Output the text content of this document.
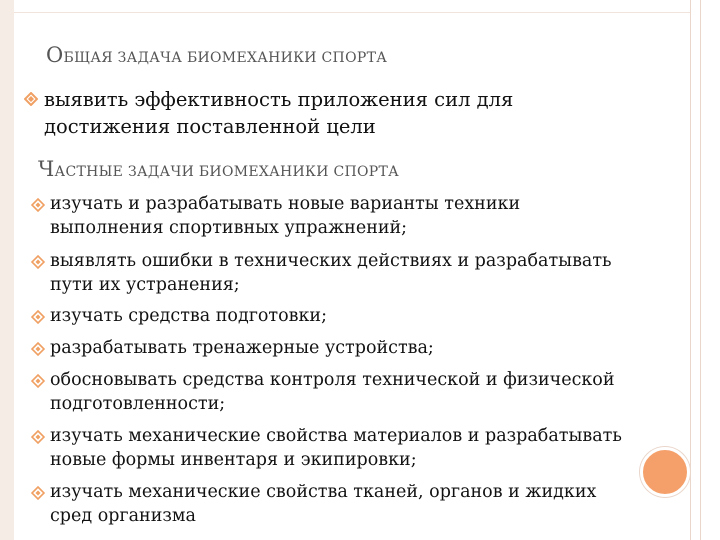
ОБЩАЯ ЗАДАЧА БИОМЕХАНИКИ СПОРТА
выявить эффективность приложения сил для
достижения поставленной цели
ЧАСТНЫЕ ЗАДАЧИ БИОМЕХАНИКИ СПОРТА
изучать и разрабатывать новые варианты техники
выполнения спортивных упражнений;
выявлять ошибки в технических действиях и разрабатывать
пути их устранения;
изучать средства подготовки;
разрабатывать тренажерные устройства;
обосновывать средства контроля технической и физической
подготовленности;
изучать механические свойства материалов и разрабатывать
новые формы инвентаря и экипировки;
изучать механические свойства тканей, органов и жидких
сред организма
